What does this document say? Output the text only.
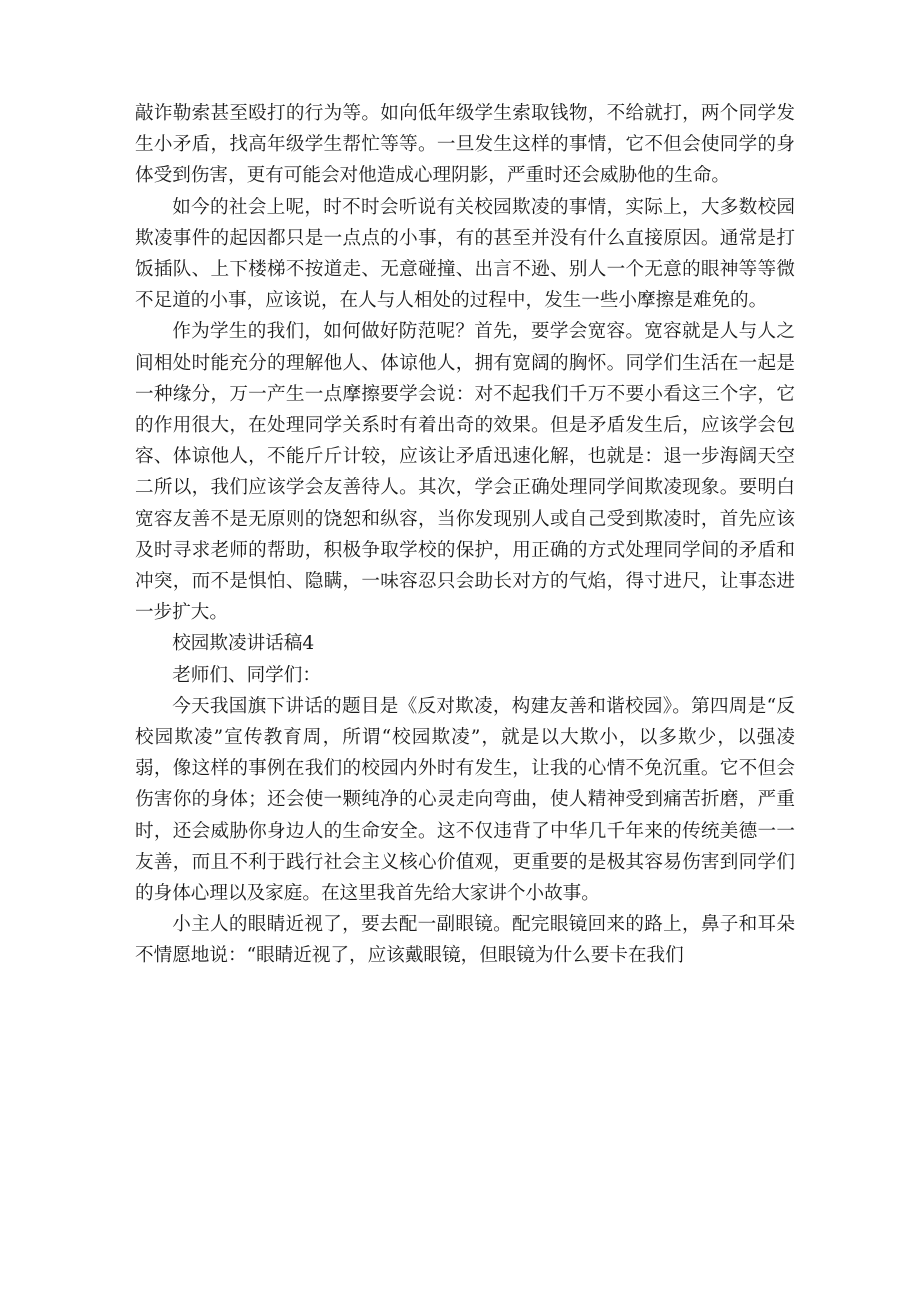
敲诈勒索甚至殴打的行为等。如向低年级学生索取钱物，不给就打，两个同学发生小矛盾，找高年级学生帮忙等等。一旦发生这样的事情，它不但会使同学的身体受到伤害，更有可能会对他造成心理阴影，严重时还会威胁他的生命。

如今的社会上呢，时不时会听说有关校园欺凌的事情，实际上，大多数校园欺凌事件的起因都只是一点点的小事，有的甚至并没有什么直接原因。通常是打饭插队、上下楼梯不按道走、无意碰撞、出言不逊、别人一个无意的眼神等等微不足道的小事，应该说，在人与人相处的过程中，发生一些小摩擦是难免的。

作为学生的我们，如何做好防范呢？首先，要学会宽容。宽容就是人与人之间相处时能充分的理解他人、体谅他人，拥有宽阔的胸怀。同学们生活在一起是一种缘分，万一产生一点摩擦要学会说：对不起我们千万不要小看这三个字，它的作用很大，在处理同学关系时有着出奇的效果。但是矛盾发生后，应该学会包容、体谅他人，不能斤斤计较，应该让矛盾迅速化解，也就是：退一步海阔天空二所以，我们应该学会友善待人。其次，学会正确处理同学间欺凌现象。要明白宽容友善不是无原则的饶恕和纵容，当你发现别人或自己受到欺凌时，首先应该及时寻求老师的帮助，积极争取学校的保护，用正确的方式处理同学间的矛盾和冲突，而不是惧怕、隐瞒，一味容忍只会助长对方的气焰，得寸进尺，让事态进一步扩大。

校园欺凌讲话稿4

老师们、同学们：

今天我国旗下讲话的题目是《反对欺凌，构建友善和谐校园》。第四周是“反校园欺凌”宣传教育周，所谓“校园欺凌”，就是以大欺小，以多欺少，以强凌弱，像这样的事例在我们的校园内外时有发生，让我的心情不免沉重。它不但会伤害你的身体；还会使一颗纯净的心灵走向弯曲，使人精神受到痛苦折磨，严重时，还会威胁你身边人的生命安全。这不仅违背了中华几千年来的传统美德一一友善，而且不利于践行社会主义核心价值观，更重要的是极其容易伤害到同学们的身体心理以及家庭。在这里我首先给大家讲个小故事。

小主人的眼睛近视了，要去配一副眼镜。配完眼镜回来的路上，鼻子和耳朵不情愿地说：“眼睛近视了，应该戴眼镜，但眼镜为什么要卡在我们
